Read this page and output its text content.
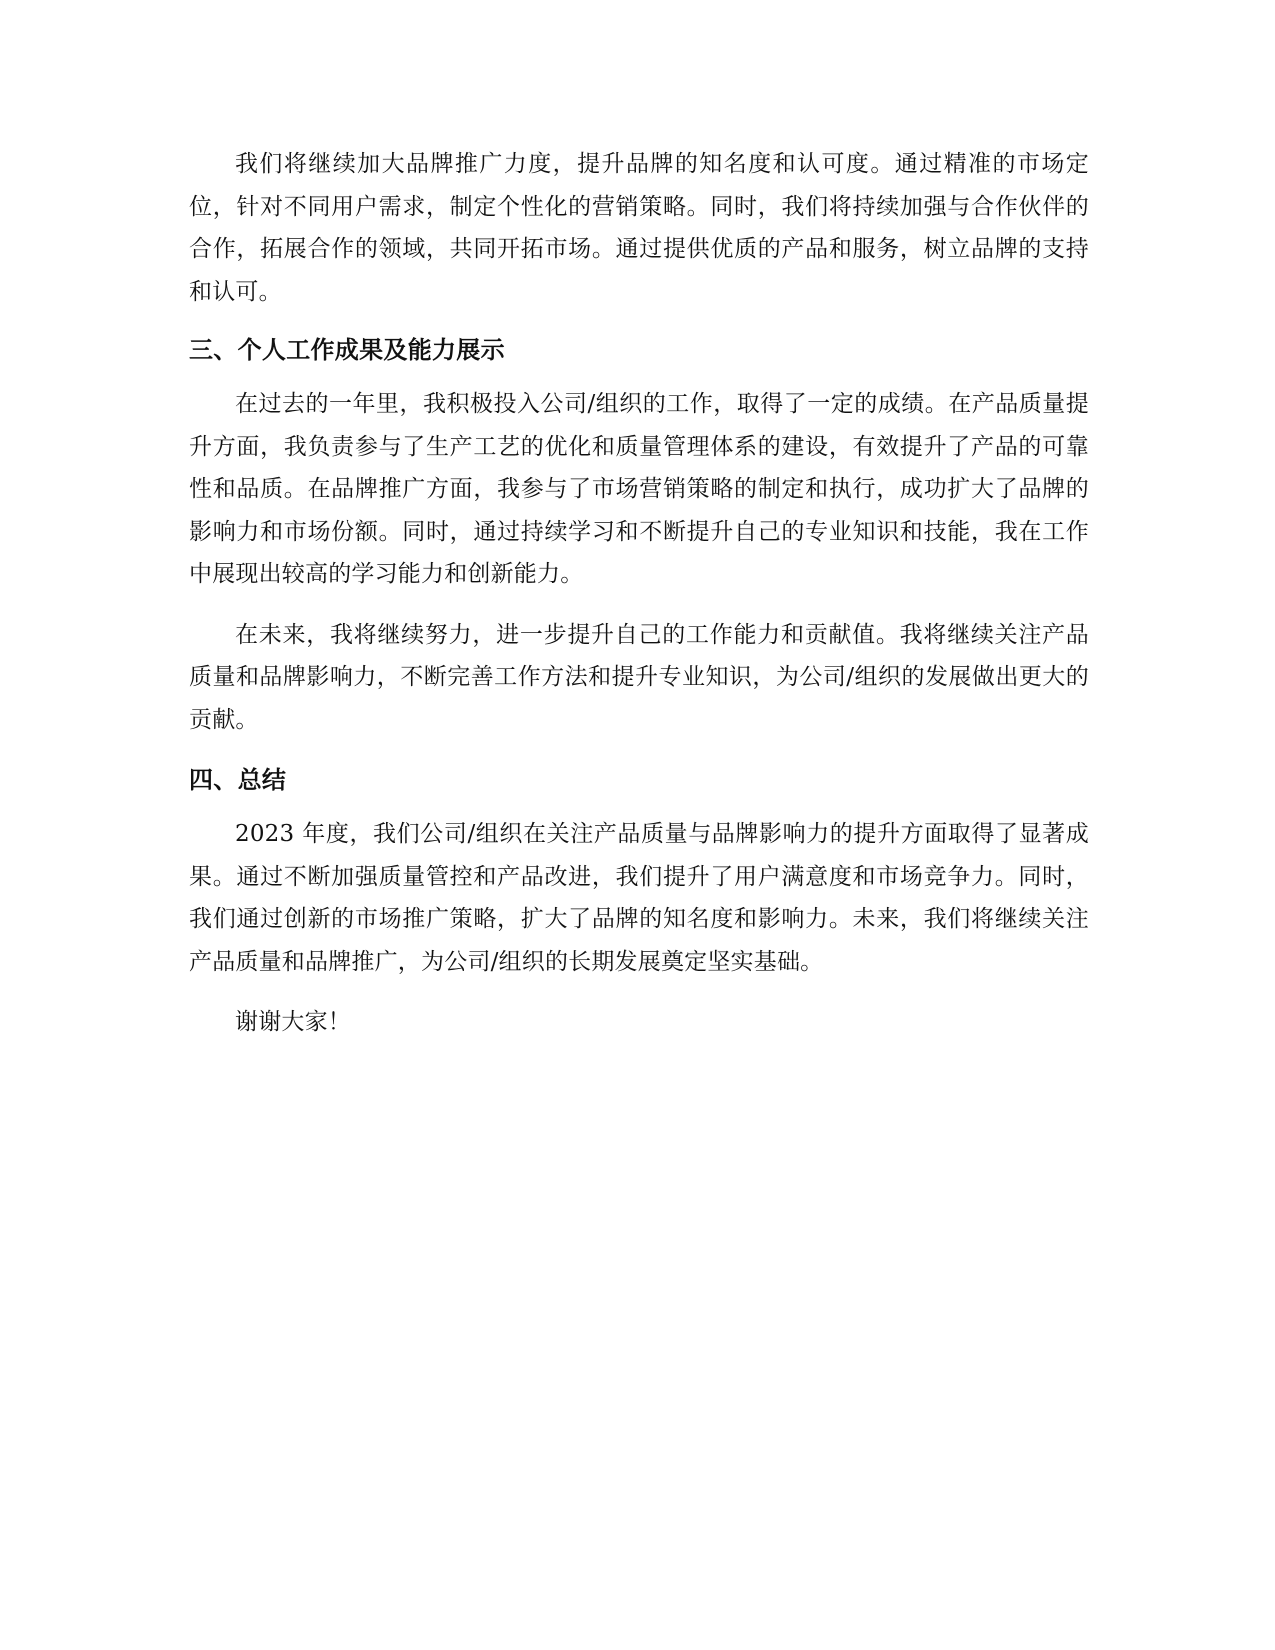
我们将继续加大品牌推广力度，提升品牌的知名度和认可度。通过精准的市场定位，针对不同用户需求，制定个性化的营销策略。同时，我们将持续加强与合作伙伴的合作，拓展合作的领域，共同开拓市场。通过提供优质的产品和服务，树立品牌的支持和认可。

三、个人工作成果及能力展示

在过去的一年里，我积极投入公司/组织的工作，取得了一定的成绩。在产品质量提升方面，我负责参与了生产工艺的优化和质量管理体系的建设，有效提升了产品的可靠性和品质。在品牌推广方面，我参与了市场营销策略的制定和执行，成功扩大了品牌的影响力和市场份额。同时，通过持续学习和不断提升自己的专业知识和技能，我在工作中展现出较高的学习能力和创新能力。

在未来，我将继续努力，进一步提升自己的工作能力和贡献值。我将继续关注产品质量和品牌影响力，不断完善工作方法和提升专业知识，为公司/组织的发展做出更大的贡献。

四、总结

2023 年度，我们公司/组织在关注产品质量与品牌影响力的提升方面取得了显著成果。通过不断加强质量管控和产品改进，我们提升了用户满意度和市场竞争力。同时，我们通过创新的市场推广策略，扩大了品牌的知名度和影响力。未来，我们将继续关注产品质量和品牌推广，为公司/组织的长期发展奠定坚实基础。

谢谢大家！
